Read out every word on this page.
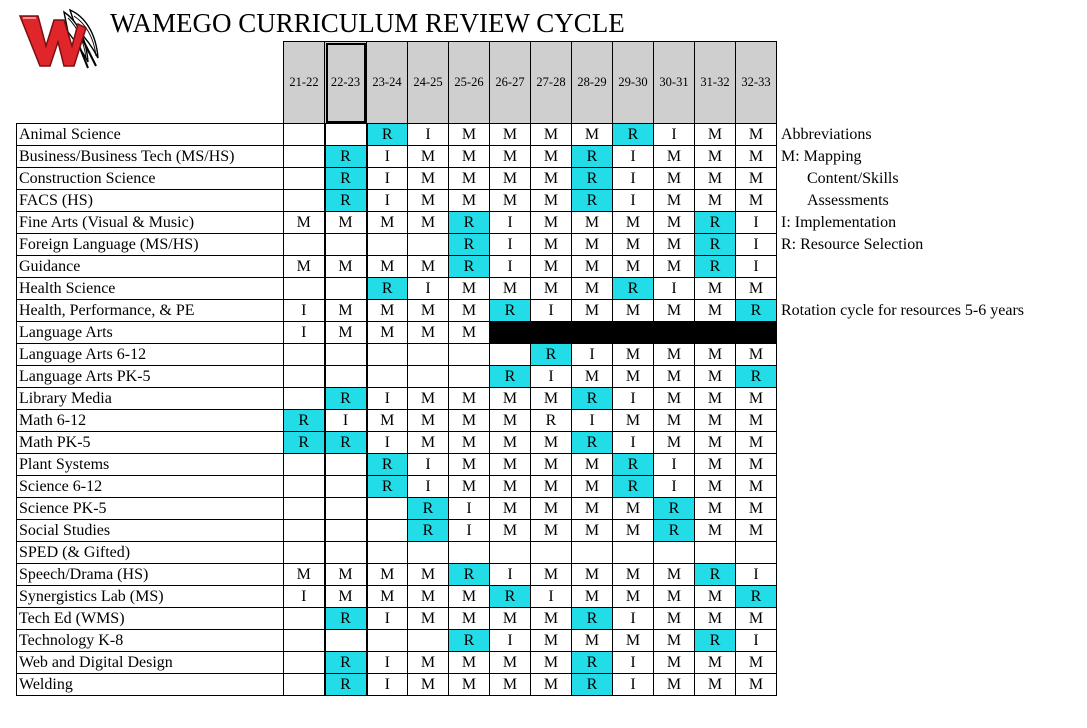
WAMEGO CURRICULUM REVIEW CYCLE
	21-22	22-23	23-24	24-25	25-26	26-27	27-28	28-29	29-30	30-31	31-32	32-33	
Animal Science			R	I	M	M	M	M	R	I	M	M	Abbreviations
Business/Business Tech (MS/HS)		R	I	M	M	M	M	R	I	M	M	M	M: Mapping
Construction Science		R	I	M	M	M	M	R	I	M	M	M	Content/Skills
FACS (HS)		R	I	M	M	M	M	R	I	M	M	M	Assessments
Fine Arts (Visual & Music)	M	M	M	M	R	I	M	M	M	M	R	I	I: Implementation
Foreign Language (MS/HS)					R	I	M	M	M	M	R	I	R: Resource Selection
Guidance	M	M	M	M	R	I	M	M	M	M	R	I	
Health Science			R	I	M	M	M	M	R	I	M	M	
Health, Performance, & PE	I	M	M	M	M	R	I	M	M	M	M	R	Rotation cycle for resources 5-6 years
Language Arts	I	M	M	M	M								
Language Arts 6-12							R	I	M	M	M	M	
Language Arts PK-5						R	I	M	M	M	M	R	
Library Media		R	I	M	M	M	M	R	I	M	M	M	
Math 6-12	R	I	M	M	M	M	R	I	M	M	M	M	
Math PK-5	R	R	I	M	M	M	M	R	I	M	M	M	
Plant Systems			R	I	M	M	M	M	R	I	M	M	
Science 6-12			R	I	M	M	M	M	R	I	M	M	
Science PK-5				R	I	M	M	M	M	R	M	M	
Social Studies				R	I	M	M	M	M	R	M	M	
SPED (& Gifted)													
Speech/Drama (HS)	M	M	M	M	R	I	M	M	M	M	R	I	
Synergistics Lab (MS)	I	M	M	M	M	R	I	M	M	M	M	R	
Tech Ed (WMS)		R	I	M	M	M	M	R	I	M	M	M	
Technology K-8					R	I	M	M	M	M	R	I	
Web and Digital Design		R	I	M	M	M	M	R	I	M	M	M	
Welding		R	I	M	M	M	M	R	I	M	M	M	
